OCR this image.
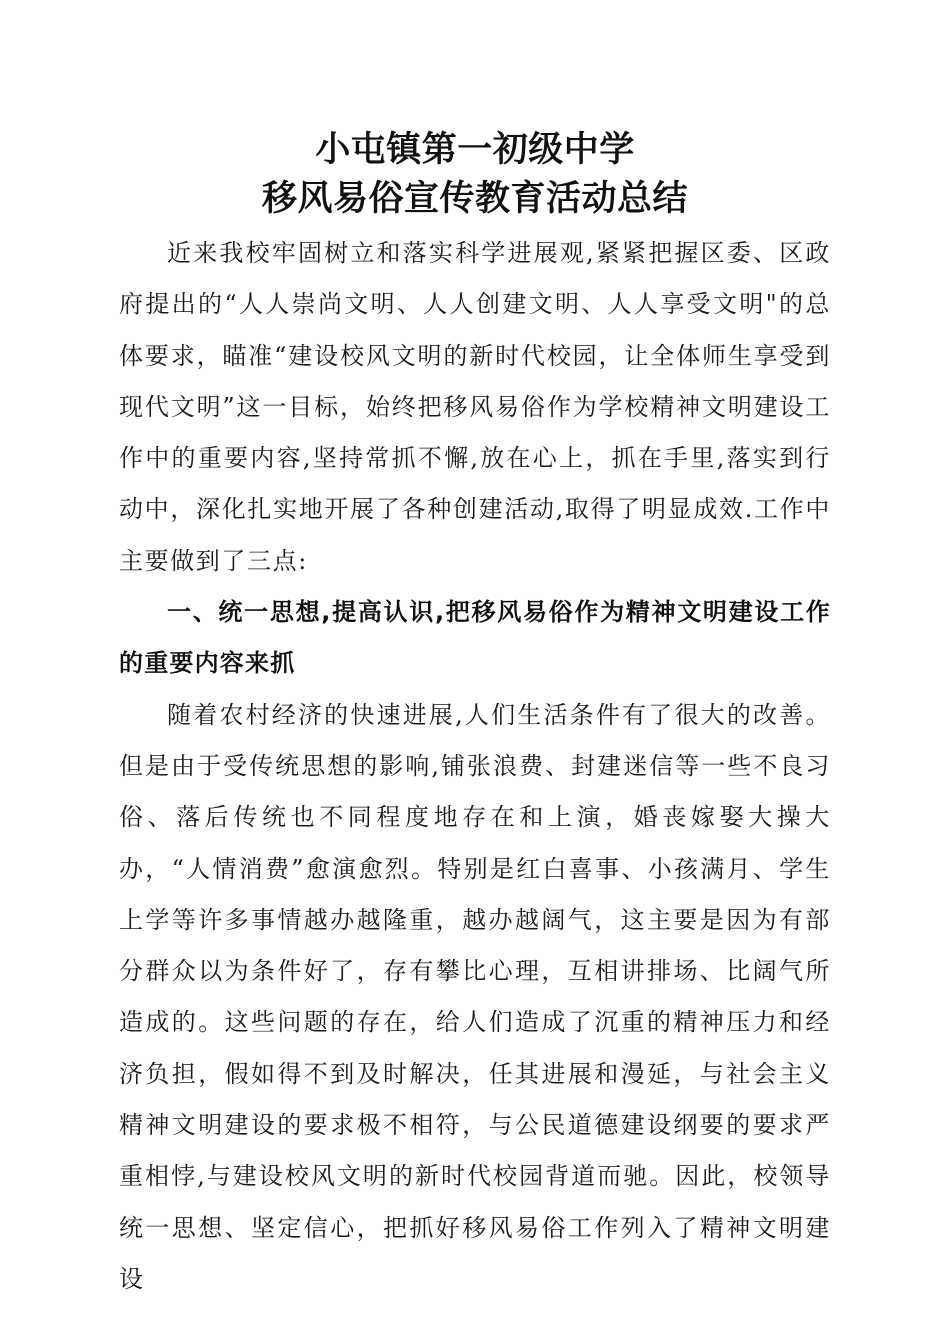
小屯镇第一初级中学
移风易俗宣传教育活动总结

近来我校牢固树立和落实科学进展观,紧紧把握区委、区政府提出的“人人崇尚文明、人人创建文明、人人享受文明"的总体要求，瞄准“建设校风文明的新时代校园，让全体师生享受到现代文明”这一目标，始终把移风易俗作为学校精神文明建设工作中的重要内容,坚持常抓不懈,放在心上，抓在手里,落实到行动中，深化扎实地开展了各种创建活动,取得了明显成效.工作中主要做到了三点:

一、统一思想,提高认识,把移风易俗作为精神文明建设工作的重要内容来抓

随着农村经济的快速进展,人们生活条件有了很大的改善。但是由于受传统思想的影响,铺张浪费、封建迷信等一些不良习俗、落后传统也不同程度地存在和上演，婚丧嫁娶大操大办，“人情消费”愈演愈烈。特别是红白喜事、小孩满月、学生上学等许多事情越办越隆重，越办越阔气，这主要是因为有部分群众以为条件好了，存有攀比心理，互相讲排场、比阔气所造成的。这些问题的存在，给人们造成了沉重的精神压力和经济负担，假如得不到及时解决，任其进展和漫延，与社会主义精神文明建设的要求极不相符，与公民道德建设纲要的要求严重相悖,与建设校风文明的新时代校园背道而驰。因此，校领导统一思想、坚定信心，把抓好移风易俗工作列入了精神文明建设
